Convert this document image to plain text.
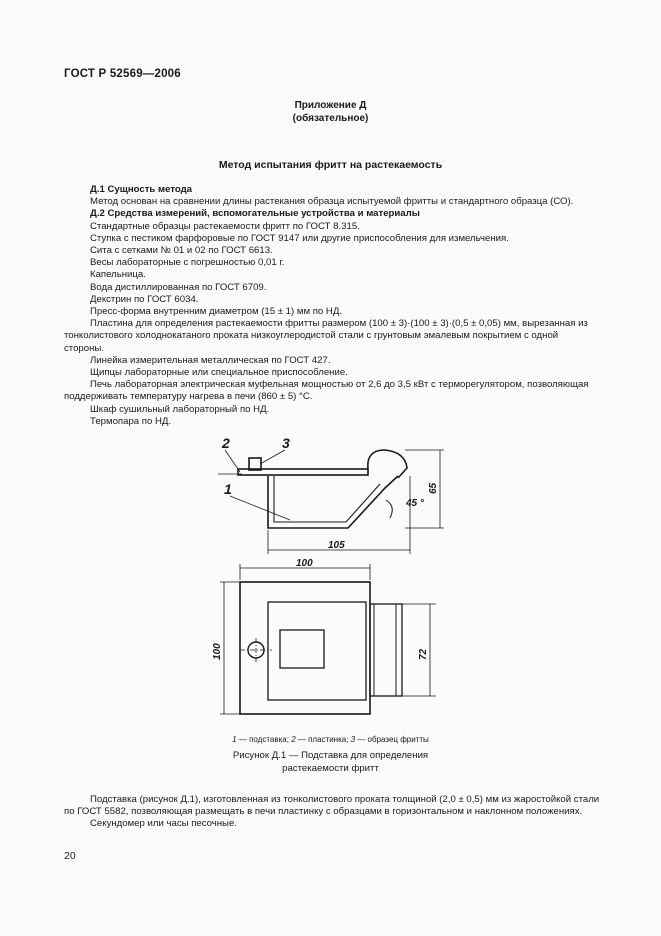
ГОСТ Р 52569—2006
Приложение Д
(обязательное)
Метод испытания фритт на растекаемость

Д.1 Сущность метода

Метод основан на сравнении длины растекания образца испытуемой фритты и стандартного образца (СО).

Д.2 Средства измерений, вспомогательные устройства и материалы

Стандартные образцы растекаемости фритт по ГОСТ 8.315.

Ступка с пестиком фарфоровые по ГОСТ 9147 или другие приспособления для измельчения.

Сита с сетками № 01 и 02 по ГОСТ 6613.

Весы лабораторные с погрешностью 0,01 г.

Капельница.

Вода дистиллированная по ГОСТ 6709.

Декстрин по ГОСТ 6034.

Пресс-форма внутренним диаметром (15 ± 1) мм по НД.

Пластина для определения растекаемости фритты размером (100 ± 3)·(100 ± 3)·(0,5 ± 0,05) мм, вырезанная из тонколистового холоднокатаного проката низкоуглеродистой стали с грунтовым эмалевым покрытием с одной стороны.

Линейка измерительная металлическая по ГОСТ 427.

Щипцы лабораторные или специальное приспособление.

Печь лабораторная электрическая муфельная мощностью от 2,6 до 3,5 кВт с терморегулятором, позволяющая поддерживать температуру нагрева в печи (860 ± 5) °С.

Шкаф сушильный лабораторный по НД.

Термопара по НД.

2	3
1
105
45 °
65
100
100	72
1 — подставка; 2 — пластинка; 3 — образец фритты
Рисунок Д.1 — Подставка для определения
растекаемости фритт

Подставка (рисунок Д.1), изготовленная из тонколистового проката толщиной (2,0 ± 0,5) мм из жаростойкой стали по ГОСТ 5582, позволяющая размещать в печи пластинку с образцами в горизонтальном и наклонном положениях.

Секундомер или часы песочные.

20
